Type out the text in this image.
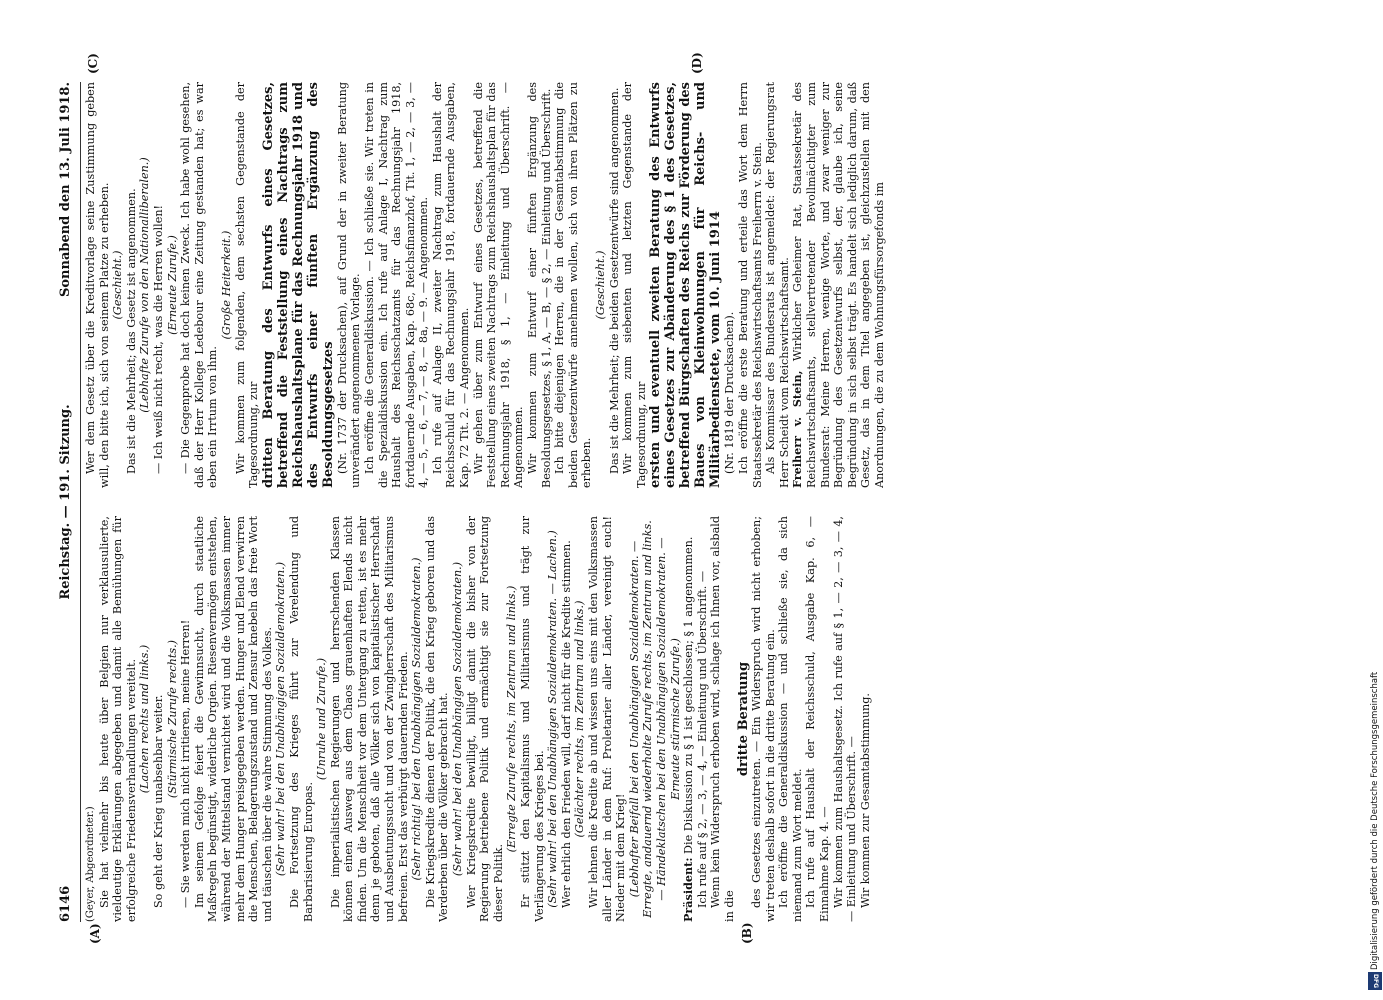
6146
Reichstag. — 191. Sitzung.
Sonnabend den 13. Juli 1918.
(A)	(B)
(C)	(D)

(Geyer, Abgeordneter.) Sie hat vielmehr bis heute über Belgien nur verklausulierte, vieldeutige Erklärungen abgegeben und damit alle Bemühungen für erfolgreiche Friedensverhandlungen vereitelt. (Lachen rechts und links.) So geht der Krieg unabsehbar weiter. (Stürmische Zurufe rechts.) — Sie werden mich nicht irritieren, meine Herren! Im seinem Gefolge feiert die Gewinnsucht, durch staatliche Maßregeln begünstigt, widerliche Orgien. Riesenvermögen entstehen, während der Mittelstand vernichtet wird und die Volksmassen immer mehr dem Hunger preisgegeben werden. Hunger und Elend verwirren die Menschen, Belagerungszustand und Zensur knebeln das freie Wort und täuschen über die wahre Stimmung des Volkes. (Sehr wahr! bei den Unabhängigen Sozialdemokraten.) Die Fortsetzung des Krieges führt zur Verelendung und Barbarisierung Europas.

(Unruhe und Zurufe.) Die imperialistischen Regierungen und herrschenden Klassen können einen Ausweg aus dem Chaos grauenhaften Elends nicht finden. Um die Menschheit vor dem Untergang zu retten, ist es mehr denn je geboten, daß alle Völker sich von kapitalistischer Herrschaft und Ausbeutungssucht und von der Zwingherrschaft des Militarismus befreien. Erst das verbürgt dauernden Frieden. (Sehr richtig! bei den Unabhängigen Sozialdemokraten.) Die Kriegskredite dienen der Politik, die den Krieg geboren und das Verderben über die Völker gebracht hat. (Sehr wahr! bei den Unabhängigen Sozialdemokraten.) Wer Kriegskredite bewilligt, billigt damit die bisher von der Regierung betriebene Politik und ermächtigt sie zur Fortsetzung dieser Politik.

(Erregte Zurufe rechts, im Zentrum und links.) Er stützt den Kapitalismus und Militarismus und trägt zur Verlängerung des Krieges bei. (Sehr wahr! bei den Unabhängigen Sozialdemokraten. — Lachen.) Wer ehrlich den Frieden will, darf nicht für die Kredite stimmen. (Gelächter rechts, im Zentrum und links.) Wir lehnen die Kredite ab und wissen uns eins mit den Volksmassen aller Länder in dem Ruf: Proletarier aller Länder, vereinigt euch! Nieder mit dem Krieg! (Lebhafter Beifall bei den Unabhängigen Sozialdemokraten. — Erregte, andauernd wiederholte Zurufe rechts, im Zentrum und links. — Händeklatschen bei den Unabhängigen Sozialdemokraten. — Erneute stürmische Zurufe.)

Präsident: Die Diskussion zu § 1 ist geschlossen; § 1 angenommen. Ich rufe auf § 2, — 3, — 4, — Einleitung und Überschrift. — Wenn kein Widerspruch erhoben wird, schlage ich Ihnen vor, alsbald in die

dritte Beratung des Gesetzes einzutreten. — Ein Widerspruch wird nicht erhoben; wir treten deshalb sofort in die dritte Beratung ein. Ich eröffne die Generaldiskussion — und schließe sie, da sich niemand zum Wort meldet. Ich rufe auf Haushalt der Reichsschuld, Ausgabe Kap. 6, — Einnahme Kap. 4. — Wir kommen zum Haushaltsgesetz. Ich rufe auf § 1, — 2, — 3, — 4, — Einleitung und Überschrift. — Wir kommen zur Gesamtabstimmung.

Wer dem Gesetz über die Kreditvorlage seine Zustimmung geben will, den bitte ich, sich von seinem Platze zu erheben. (Geschieht.) Das ist die Mehrheit; das Gesetz ist angenommen. (Lebhafte Zurufe von den Nationalliberalen.) — Ich weiß nicht recht, was die Herren wollen! (Erneute Zurufe.) — Die Gegenprobe hat doch keinen Zweck. Ich habe wohl gesehen, daß der Herr Kollege Ledebour eine Zeitung gestanden hat; es war eben ein Irrtum von ihm.

(Große Heiterkeit.) Wir kommen zum folgenden, dem sechsten Gegenstande der Tagesordnung, zur dritten Beratung des Entwurfs eines Gesetzes, betreffend die Feststellung eines Nachtrags zum Reichshaushaltsplane für das Rechnungsjahr 1918 und des Entwurfs einer fünften Ergänzung des Besoldungsgesetzes (Nr. 1737 der Drucksachen), auf Grund der in zweiter Beratung unverändert angenommenen Vorlage. Ich eröffne die Generaldiskussion. — Ich schließe sie. Wir treten in die Spezialdiskussion ein. Ich rufe auf Anlage I, Nachtrag zum Haushalt des Reichsschatzamts für das Rechnungsjahr 1918, fortdauernde Ausgaben, Kap. 68c, Reichsfinanzhof, Tit. 1, — 2, — 3, — 4, — 5, — 6, — 7, — 8, — 8a, — 9. — Angenommen. Ich rufe auf Anlage II, zweiter Nachtrag zum Haushalt der Reichsschuld für das Rechnungsjahr 1918, fortdauernde Ausgaben, Kap. 72 Tit. 2. — Angenommen. Wir gehen über zum Entwurf eines Gesetzes, betreffend die Feststellung eines zweiten Nachtrags zum Reichshaushaltsplan für das Rechnungsjahr 1918, § 1, — Einleitung und Überschrift. — Angenommen. Wir kommen zum Entwurf einer fünften Ergänzung des Besoldungsgesetzes, § 1, A, — B, — § 2, — Einleitung und Überschrift. Ich bitte diejenigen Herren, die in der Gesamtabstimmung die beiden Gesetzentwürfe annehmen wollen, sich von ihren Plätzen zu erheben.

(Geschieht.) Das ist die Mehrheit; die beiden Gesetzentwürfe sind angenommen. Wir kommen zum siebenten und letzten Gegenstande der Tagesordnung, zur ersten und eventuell zweiten Beratung des Entwurfs eines Gesetzes zur Abänderung des § 1 des Gesetzes, betreffend Bürgschaften des Reichs zur Förderung des Baues von Kleinwohnungen für Reichs- und Militärbedienstete, vom 10. Juni 1914 (Nr. 1819 der Drucksachen). Ich eröffne die erste Beratung und erteile das Wort dem Herrn Staatssekretär des Reichswirtschaftsamts Freiherrn v. Stein. Als Kommissar des Bundesrats ist angemeldet: der Regierungsrat Herr Scheidt vom Reichswirtschaftsamt. Freiherr v. Stein, Wirklicher Geheimer Rat, Staatssekretär des Reichswirtschaftsamts, stellvertretender Bevollmächtigter zum Bundesrat: Meine Herren, wenige Worte, und zwar weniger zur Begründung des Gesetzentwurfs selbst, der, glaube ich, seine Begründung in sich selbst trägt. Es handelt sich lediglich darum, daß Gesetz, das in dem Titel angegeben ist, gleichzustellen mit den Anordnungen, die zu dem Wohnungsfürsorgefonds im

Digitalisierung gefördert durch die Deutsche Forschungsgemeinschaft
DFG
